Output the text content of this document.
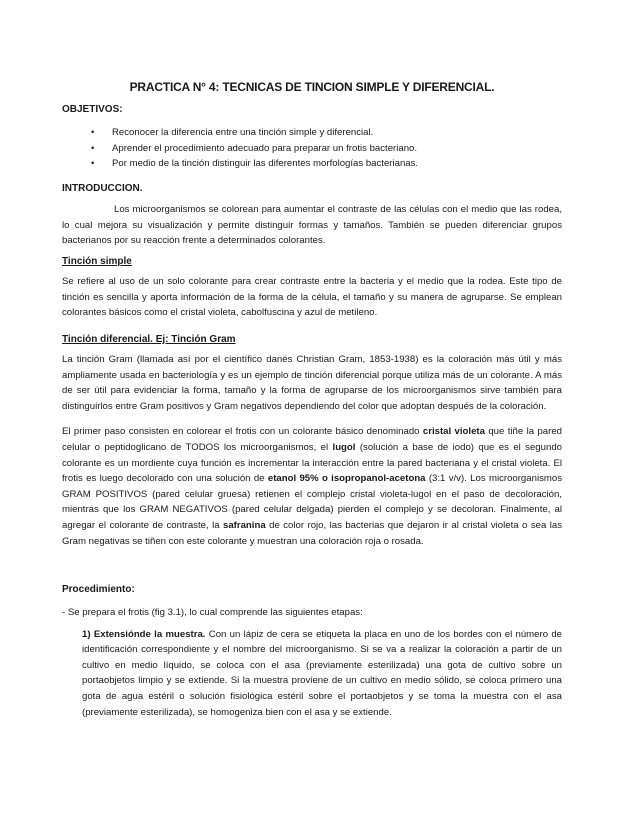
PRACTICA N° 4: TECNICAS DE TINCION SIMPLE Y DIFERENCIAL.

OBJETIVOS:

• Reconocer la diferencia entre una tinción simple y diferencial.
• Aprender el procedimiento adecuado para preparar un frotis bacteriano.
• Por medio de la tinción distinguir las diferentes morfologías bacterianas.

INTRODUCCION.

Los microorganismos se colorean para aumentar el contraste de las células con el medio que las rodea, lo cual mejora su visualización y permite distinguir formas y tamaños. También se pueden diferenciar grupos bacterianos por su reacción frente a determinados colorantes.

Tinción simple

Se refiere al uso de un solo colorante para crear contraste entre la bacteria y el medio que la rodea. Este tipo de tinción es sencilla y aporta información de la forma de la célula, el tamaño y su manera de agruparse. Se emplean colorantes básicos como el cristal violeta, cabolfuscina y azul de metileno.

Tinción diferencial. Ej: Tinción Gram

La tinción Gram (llamada así por el científico danés Christian Gram, 1853-1938) es la coloración más útil y más ampliamente usada en bacteriología y es un ejemplo de tinción diferencial porque utiliza más de un colorante. A más de ser útil para evidenciar la forma, tamaño y la forma de agruparse de los microorganismos sirve también para distinguirlos entre Gram positivos y Gram negativos dependiendo del color que adoptan después de la coloración.

El primer paso consisten en colorear el frotis con un colorante básico denominado cristal violeta que tiñe la pared celular o peptidoglicano de TODOS los microorganismos, el lugol (solución a base de iodo) que es el segundo colorante es un mordiente cuya función es incrementar la interacción entre la pared bacteriana y el cristal violeta. El frotis es luego decolorado con una solución de etanol 95% o isopropanol-acetona (3:1 v/v). Los microorganismos GRAM POSITIVOS (pared celular gruesa) retienen el complejo cristal violeta-lugol en el paso de decoloración, mientras que los GRAM NEGATIVOS (pared celular delgada) pierden el complejo y se decoloran. Finalmente, al agregar el colorante de contraste, la safranina de color rojo, las bacterias que dejaron ir al cristal violeta o sea las Gram negativas se tiñen con este colorante y muestran una coloración roja o rosada.

Procedimiento:

- Se prepara el frotis (fig 3.1), lo cual comprende las siguientes etapas:

1) Extensiónde la muestra. Con un lápiz de cera se etiqueta la placa en uno de los bordes con el número de identificación correspondiente y el nombre del microorganismo. Si se va a realizar la coloración a partir de un cultivo en medio líquido, se coloca con el asa (previamente esterilizada) una gota de cultivo sobre un portaobjetos limpio y se extiende. Si la muestra proviene de un cultivo en medio sólido, se coloca primero una gota de agua estéril o solución fisiológica estéril sobre el portaobjetos y se toma la muestra con el asa (previamente esterilizada), se homogeniza bien con el asa y se extiende.
